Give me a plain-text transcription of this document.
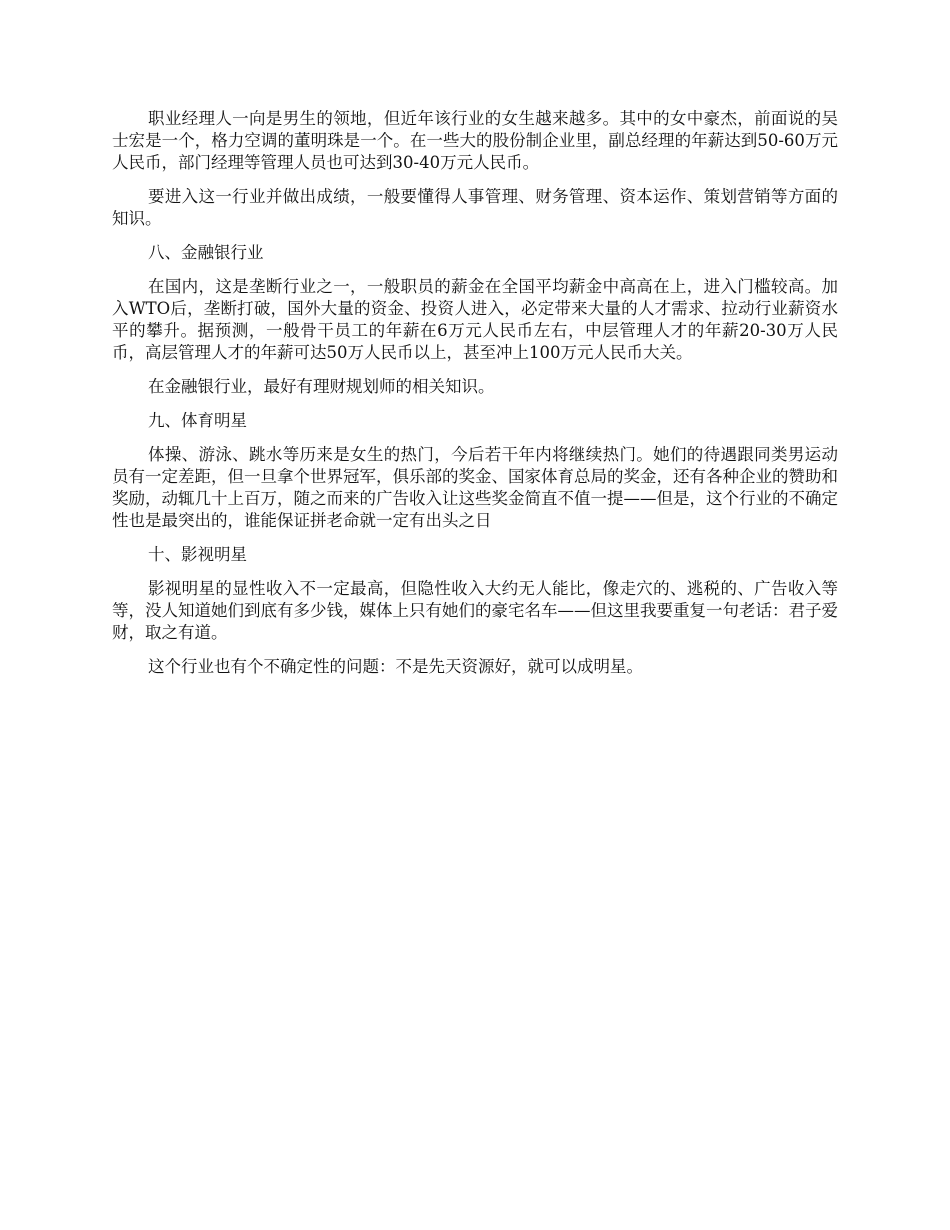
职业经理人一向是男生的领地，但近年该行业的女生越来越多。其中的女中豪杰，前面说的吴士宏是一个，格力空调的董明珠是一个。在一些大的股份制企业里，副总经理的年薪达到50-60万元人民币，部门经理等管理人员也可达到30-40万元人民币。

要进入这一行业并做出成绩，一般要懂得人事管理、财务管理、资本运作、策划营销等方面的知识。

八、金融银行业

在国内，这是垄断行业之一，一般职员的薪金在全国平均薪金中高高在上，进入门槛较高。加入WTO后，垄断打破，国外大量的资金、投资人进入，必定带来大量的人才需求、拉动行业薪资水平的攀升。据预测，一般骨干员工的年薪在6万元人民币左右，中层管理人才的年薪20-30万人民币，高层管理人才的年薪可达50万人民币以上，甚至冲上100万元人民币大关。

在金融银行业，最好有理财规划师的相关知识。

九、体育明星

体操、游泳、跳水等历来是女生的热门，今后若干年内将继续热门。她们的待遇跟同类男运动员有一定差距，但一旦拿个世界冠军，俱乐部的奖金、国家体育总局的奖金，还有各种企业的赞助和奖励，动辄几十上百万，随之而来的广告收入让这些奖金简直不值一提——但是，这个行业的不确定性也是最突出的，谁能保证拼老命就一定有出头之日

十、影视明星

影视明星的显性收入不一定最高，但隐性收入大约无人能比，像走穴的、逃税的、广告收入等等，没人知道她们到底有多少钱，媒体上只有她们的豪宅名车——但这里我要重复一句老话：君子爱财，取之有道。

这个行业也有个不确定性的问题：不是先天资源好，就可以成明星。
